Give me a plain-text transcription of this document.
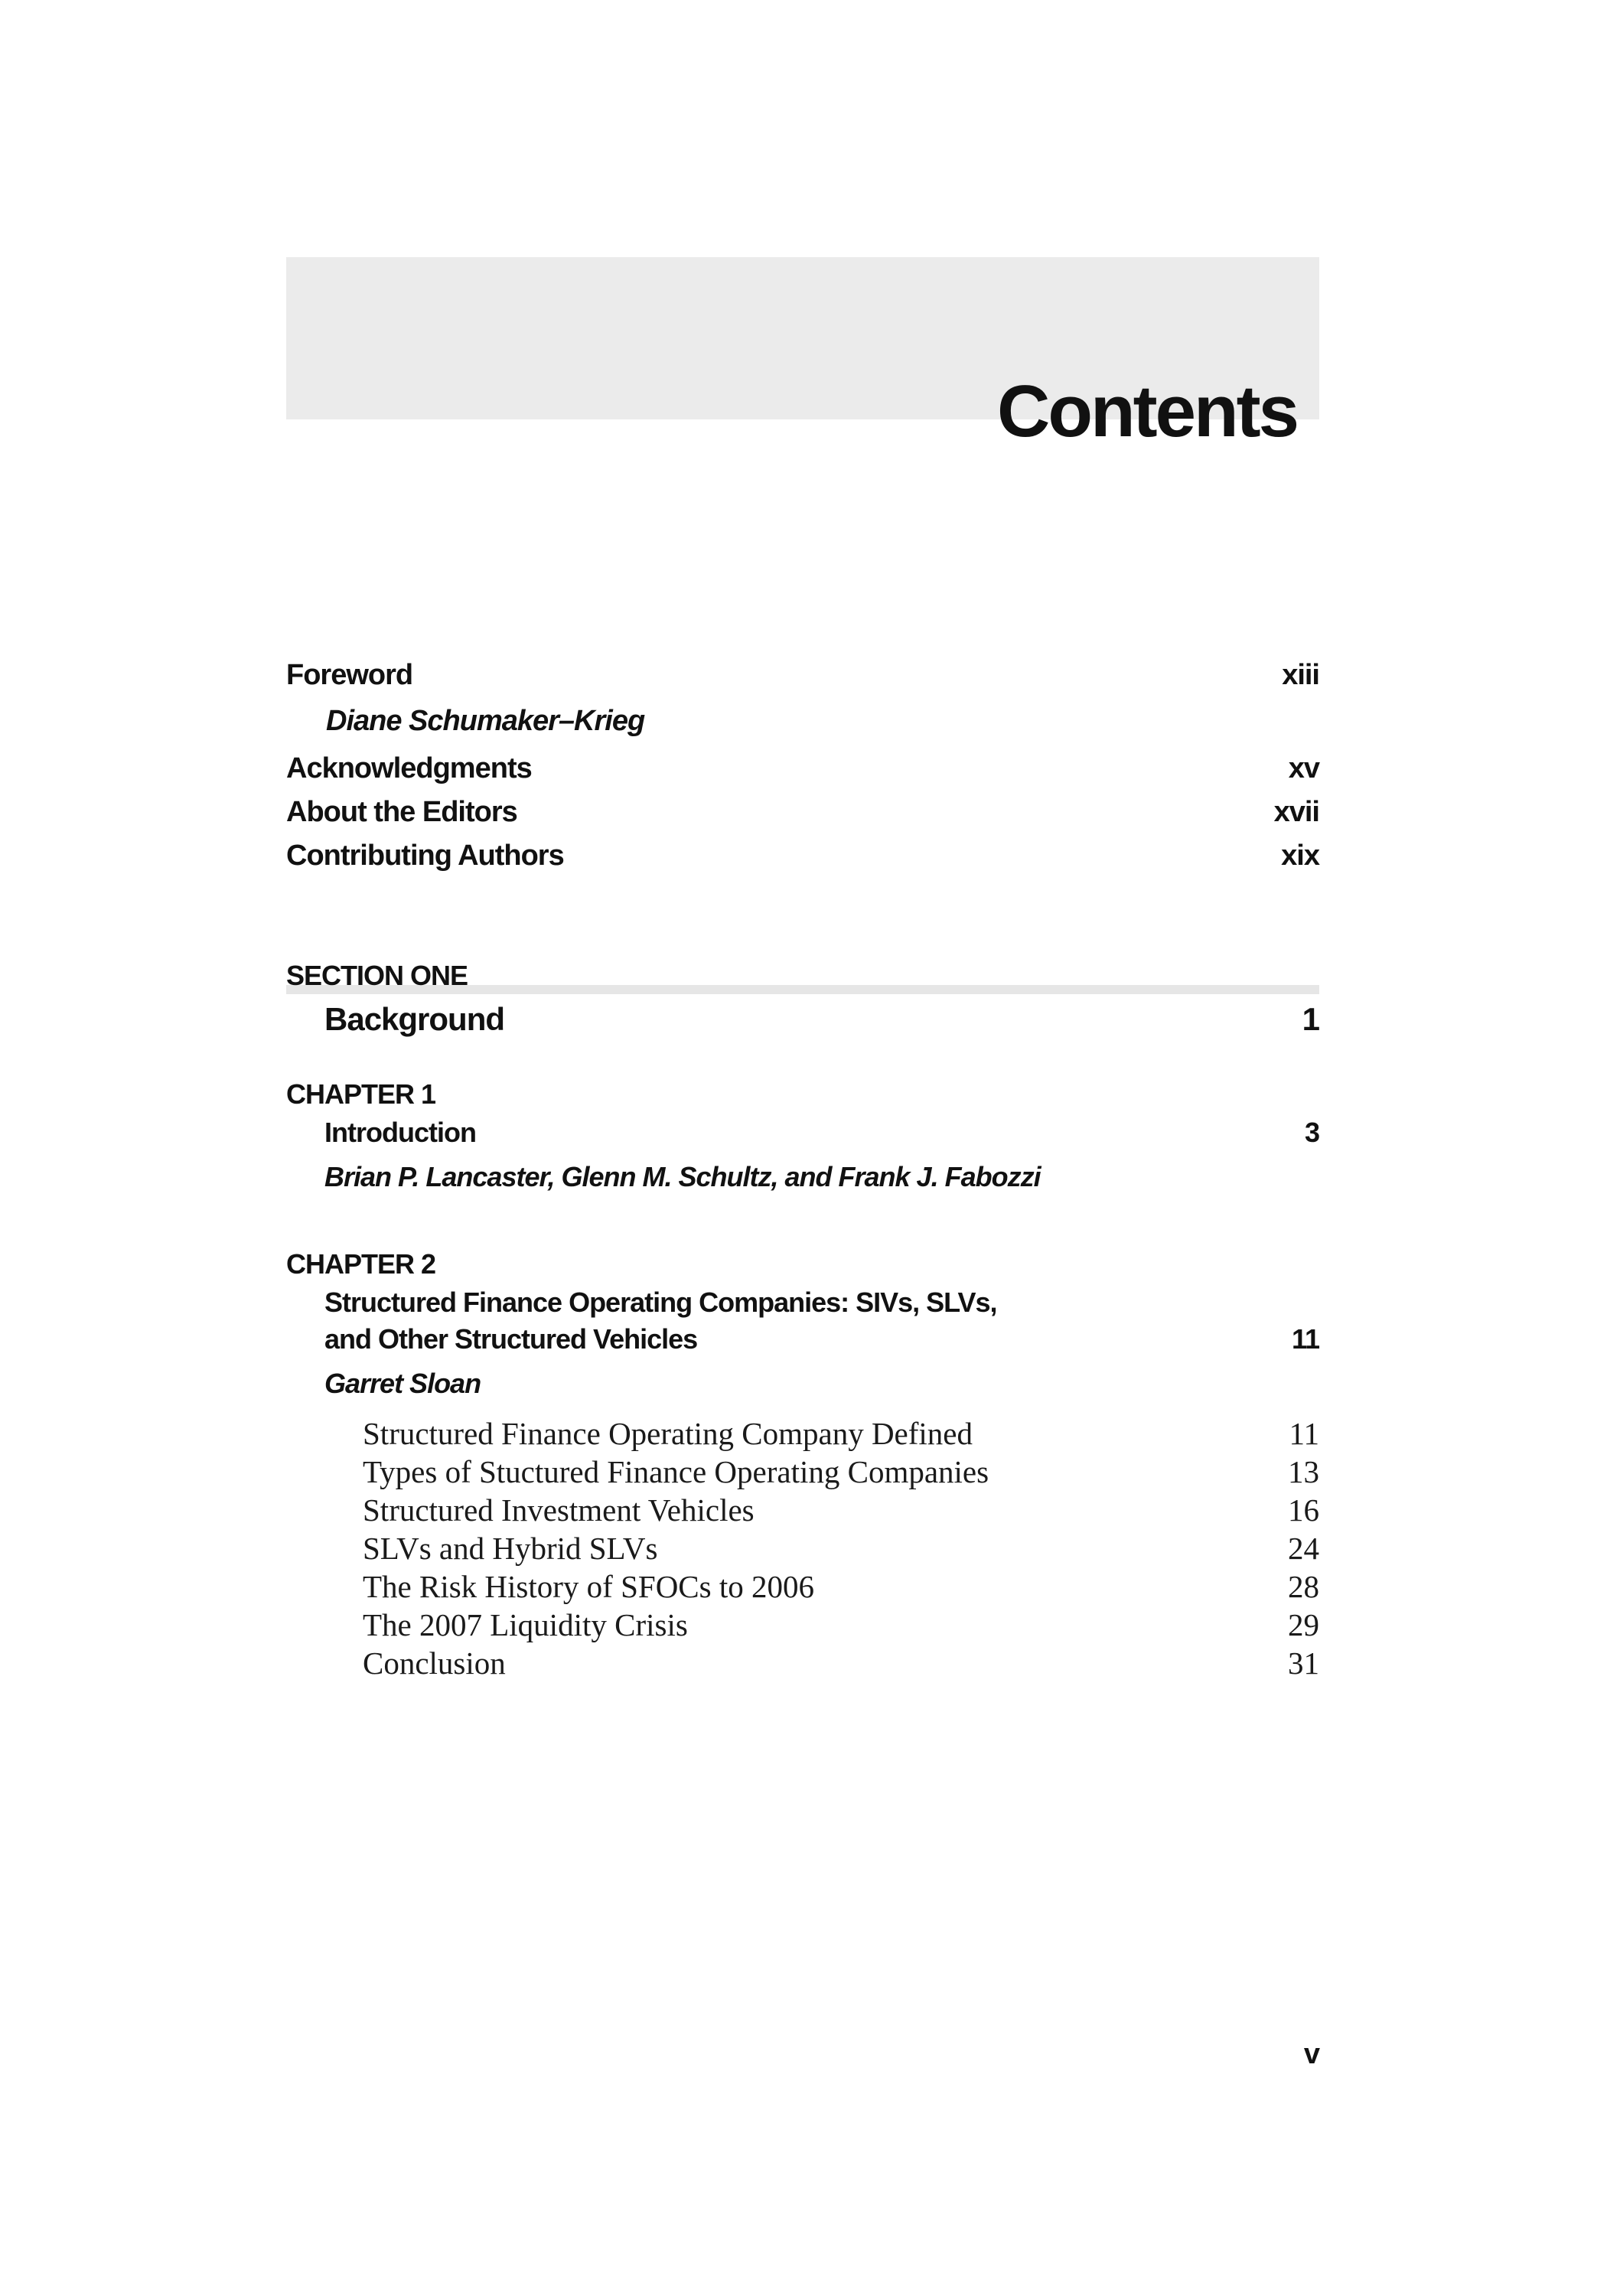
Contents
Foreword	xiii
Diane Schumaker–Krieg
Acknowledgments	xv
About the Editors	xvii
Contributing Authors	xix
SECTION ONE
Background	1
CHAPTER 1
Introduction	3
Brian P. Lancaster, Glenn M. Schultz, and Frank J. Fabozzi
CHAPTER 2
Structured Finance Operating Companies: SIVs, SLVs,
and Other Structured Vehicles	11
Garret Sloan
Structured Finance Operating Company Defined	11
Types of Stuctured Finance Operating Companies	13
Structured Investment Vehicles	16
SLVs and Hybrid SLVs	24
The Risk History of SFOCs to 2006	28
The 2007 Liquidity Crisis	29
Conclusion	31
v
